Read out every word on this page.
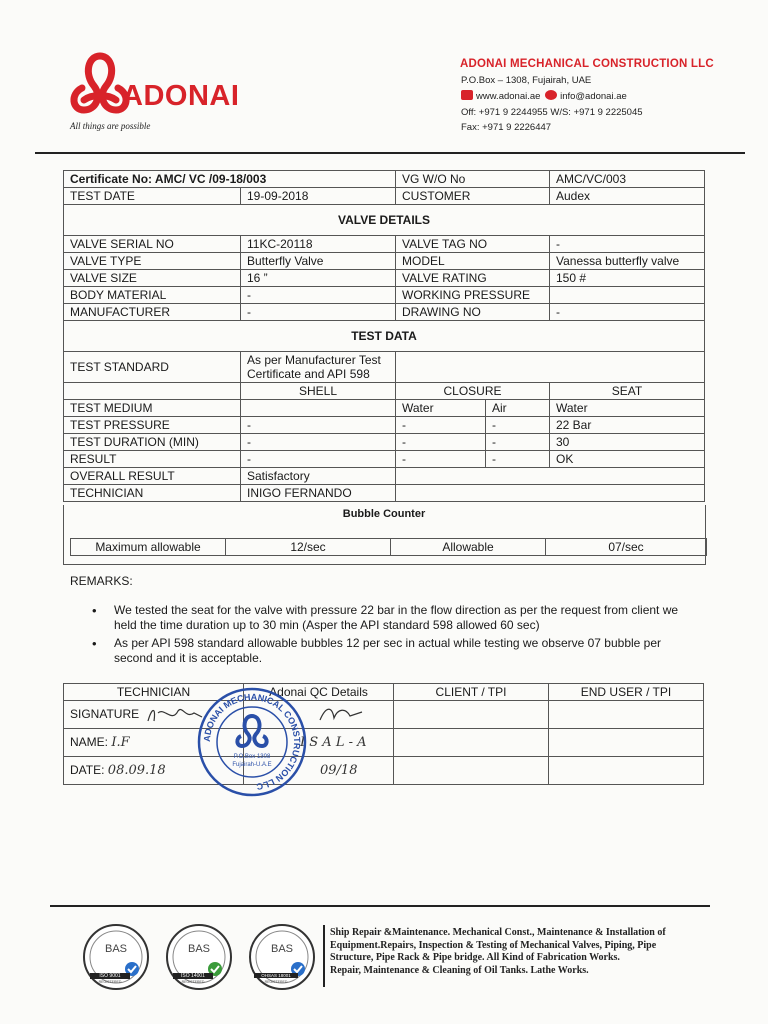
ADONAI
All things are possible
ADONAI MECHANICAL CONSTRUCTION LLC
P.O.Box – 1308, Fujairah, UAE
www.adonai.ae info@adonai.ae
Off: +971 9 2244955 W/S: +971 9 2225045
Fax: +971 9 2226447
Certificate No: AMC/ VC /09-18/003		VG W/O No		AMC/VC/003
TEST DATE	19-09-2018	CUSTOMER		Audex
VALVE DETAILS				
VALVE SERIAL NO	11KC-20118	VALVE TAG NO		-
VALVE TYPE	Butterfly Valve	MODEL		Vanessa butterfly valve
VALVE SIZE	16 ”	VALVE RATING		150 #
BODY MATERIAL	-	WORKING PRESSURE		
MANUFACTURER	-	DRAWING NO		-
TEST DATA				
TEST STANDARD	As per Manufacturer Test
Certificate and API 598			
	SHELL	CLOSURE		SEAT
TEST MEDIUM		Water	Air	Water
TEST PRESSURE	-	-	-	22 Bar
TEST DURATION (MIN)	-	-	-	30
RESULT	-	-	-	OK
OVERALL RESULT	Satisfactory			
TECHNICIAN	INIGO FERNANDO			
Bubble Counter
Maximum allowable	12/sec	Allowable	07/sec
REMARKS:
• We tested the seat for the valve with pressure 22 bar in the flow direction as per the request from client we held the time duration up to 30 min (Asper the API standard 598 allowed 60 sec)
• As per API 598 standard allowable bubbles 12 per sec in actual while testing we observe 07 bubble per second and it is acceptable.
TECHNICIAN	Adonai QC Details	CLIENT / TPI	END USER / TPI
SIGNATURE			
NAME: I.F	I S A L - A		
DATE: 08.09.18	09/18		
ADONAI MECHANICAL CONSTRUCTION LLC
P.O.Box 1308
Fujairah-U.A.E
BAS
ISO 9001
REGISTERED
BAS
ISO 14001
REGISTERED
BAS
OHSAS 18001
REGISTERED
Ship Repair &Maintenance. Mechanical Const., Maintenance & Installation of
Equipment.Repairs, Inspection & Testing of Mechanical Valves, Piping, Pipe
Structure, Pipe Rack & Pipe bridge. All Kind of Fabrication Works.
Repair, Maintenance & Cleaning of Oil Tanks. Lathe Works.
